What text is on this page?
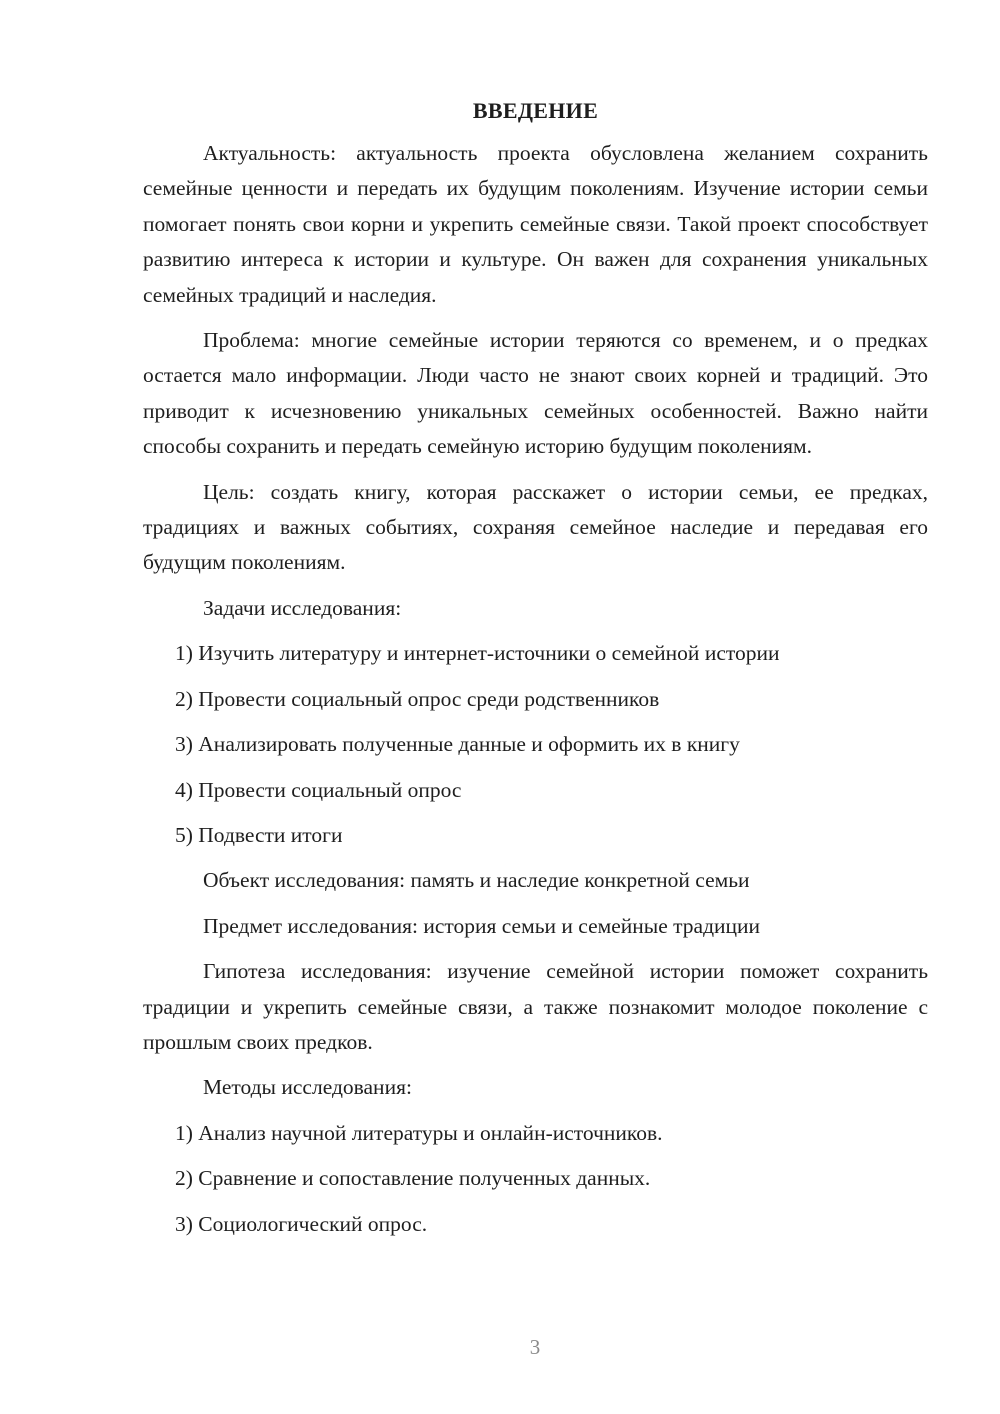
ВВЕДЕНИЕ
Актуальность: актуальность проекта обусловлена желанием сохранить семейные ценности и передать их будущим поколениям. Изучение истории семьи помогает понять свои корни и укрепить семейные связи. Такой проект способствует развитию интереса к истории и культуре. Он важен для сохранения уникальных семейных традиций и наследия.
Проблема: многие семейные истории теряются со временем, и о предках остается мало информации. Люди часто не знают своих корней и традиций. Это приводит к исчезновению уникальных семейных особенностей. Важно найти способы сохранить и передать семейную историю будущим поколениям.
Цель: создать книгу, которая расскажет о истории семьи, ее предках, традициях и важных событиях, сохраняя семейное наследие и передавая его будущим поколениям.
Задачи исследования:
1) Изучить литературу и интернет-источники о семейной истории
2) Провести социальный опрос среди родственников
3) Анализировать полученные данные и оформить их в книгу
4) Провести социальный опрос
5) Подвести итоги
Объект исследования: память и наследие конкретной семьи
Предмет исследования: история семьи и семейные традиции
Гипотеза исследования: изучение семейной истории поможет сохранить традиции и укрепить семейные связи, а также познакомит молодое поколение с прошлым своих предков.
Методы исследования:
1) Анализ научной литературы и онлайн-источников.
2) Сравнение и сопоставление полученных данных.
3) Социологический опрос.
3
